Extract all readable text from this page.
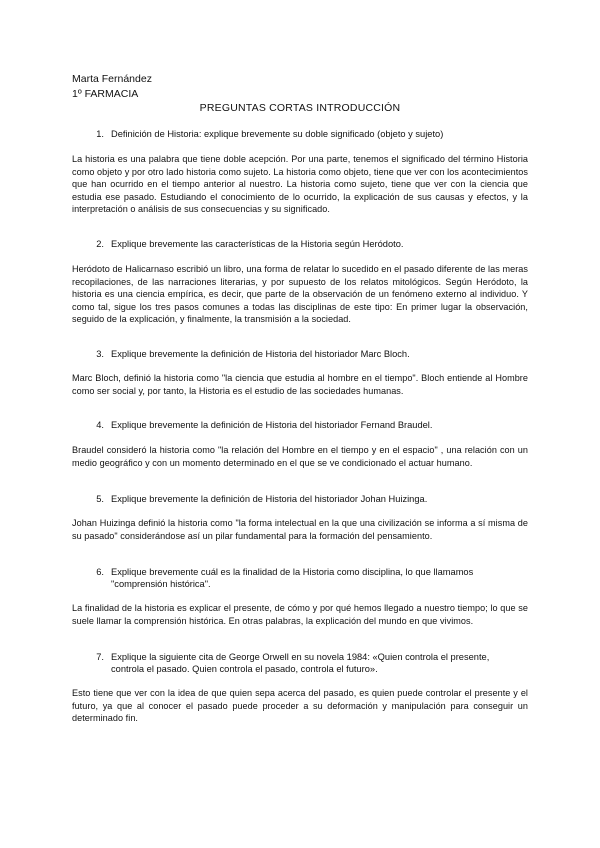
Marta Fernández
1º FARMACIA
PREGUNTAS CORTAS INTRODUCCIÓN
1. Definición de Historia: explique brevemente su doble significado (objeto y sujeto)
La historia es una palabra que tiene doble acepción. Por una parte, tenemos el significado del término Historia como objeto y por otro lado historia como sujeto. La historia como objeto, tiene que ver con los acontecimientos que han ocurrido en el tiempo anterior al nuestro. La historia como sujeto, tiene que ver con la ciencia que estudia ese pasado. Estudiando el conocimiento de lo ocurrido, la explicación de sus causas y efectos, y la interpretación o análisis de sus consecuencias y su significado.
2. Explique brevemente las características de la Historia según Heródoto.
Heródoto de Halicarnaso escribió un libro, una forma de relatar lo sucedido en el pasado diferente de las meras recopilaciones, de las narraciones literarias, y por supuesto de los relatos mitológicos. Según Heródoto, la historia es una ciencia empírica, es decir, que parte de la observación de un fenómeno externo al individuo. Y como tal, sigue los tres pasos comunes a todas las disciplinas de este tipo: En primer lugar la observación, seguido de la explicación, y finalmente, la transmisión a la sociedad.
3. Explique brevemente la definición de Historia del historiador Marc Bloch.
Marc Bloch, definió la historia como "la ciencia que estudia al hombre en el tiempo". Bloch entiende al Hombre como ser social y, por tanto, la Historia es el estudio de las sociedades humanas.
4. Explique brevemente la definición de Historia del historiador Fernand Braudel.
Braudel consideró la historia como "la relación del Hombre en el tiempo y en el espacio" , una relación con un medio geográfico y con un momento determinado en el que se ve condicionado el actuar humano.
5. Explique brevemente la definición de Historia del historiador Johan Huizinga.
Johan Huizinga definió la historia como "la forma intelectual en la que una civilización se informa a sí misma de su pasado" considerándose así un pilar fundamental para la formación del pensamiento.
6. Explique brevemente cuál es la finalidad de la Historia como disciplina, lo que llamamos "comprensión histórica".
La finalidad de la historia es explicar el presente, de cómo y por qué hemos llegado a nuestro tiempo; lo que se suele llamar la comprensión histórica. En otras palabras, la explicación del mundo en que vivimos.
7. Explique la siguiente cita de George Orwell en su novela 1984: «Quien controla el presente, controla el pasado. Quien controla el pasado, controla el futuro».
Esto tiene que ver con la idea de que quien sepa acerca del pasado, es quien puede controlar el presente y el futuro, ya que al conocer el pasado puede proceder a su deformación y manipulación para conseguir un determinado fin.
